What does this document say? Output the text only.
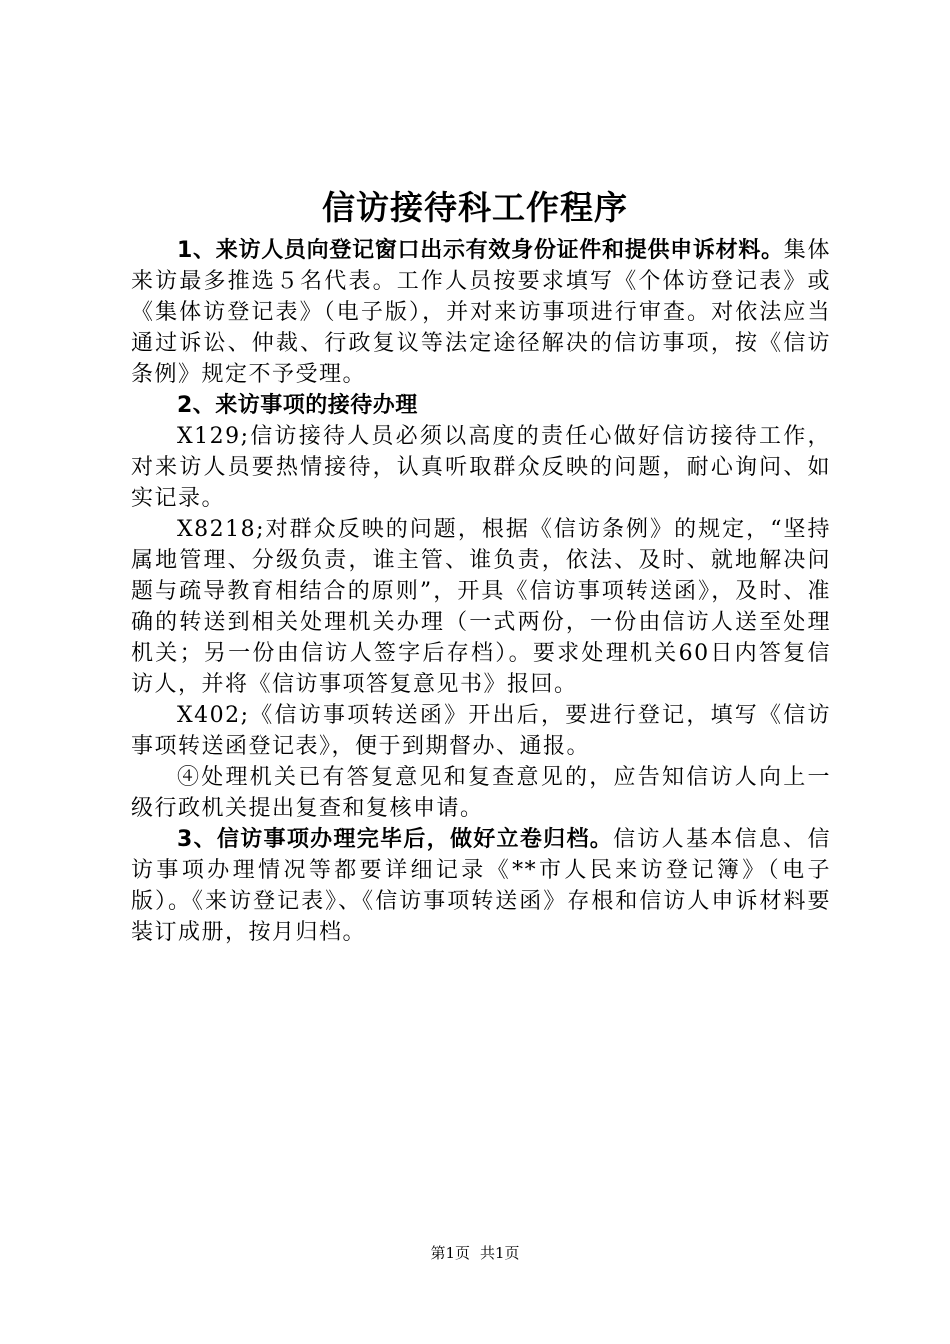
信访接待科工作程序

1、来访人员向登记窗口出示有效身份证件和提供申诉材料。集体来访最多推选５名代表。工作人员按要求填写《个体访登记表》或《集体访登记表》（电子版），并对来访事项进行审查。对依法应当通过诉讼、仲裁、行政复议等法定途径解决的信访事项，按《信访条例》规定不予受理。

2、来访事项的接待办理

X129;信访接待人员必须以高度的责任心做好信访接待工作，对来访人员要热情接待，认真听取群众反映的问题，耐心询问、如实记录。

X8218;对群众反映的问题，根据《信访条例》的规定，“坚持属地管理、分级负责，谁主管、谁负责，依法、及时、就地解决问题与疏导教育相结合的原则”，开具《信访事项转送函》，及时、准确的转送到相关处理机关办理（一式两份，一份由信访人送至处理机关；另一份由信访人签字后存档）。要求处理机关60日内答复信访人，并将《信访事项答复意见书》报回。

X402;《信访事项转送函》开出后，要进行登记，填写《信访事项转送函登记表》，便于到期督办、通报。

④处理机关已有答复意见和复查意见的，应告知信访人向上一级行政机关提出复查和复核申请。

3、信访事项办理完毕后，做好立卷归档。信访人基本信息、信访事项办理情况等都要详细记录《**市人民来访登记簿》（电子版）。《来访登记表》、《信访事项转送函》存根和信访人申诉材料要装订成册，按月归档。

第1页 共1页
